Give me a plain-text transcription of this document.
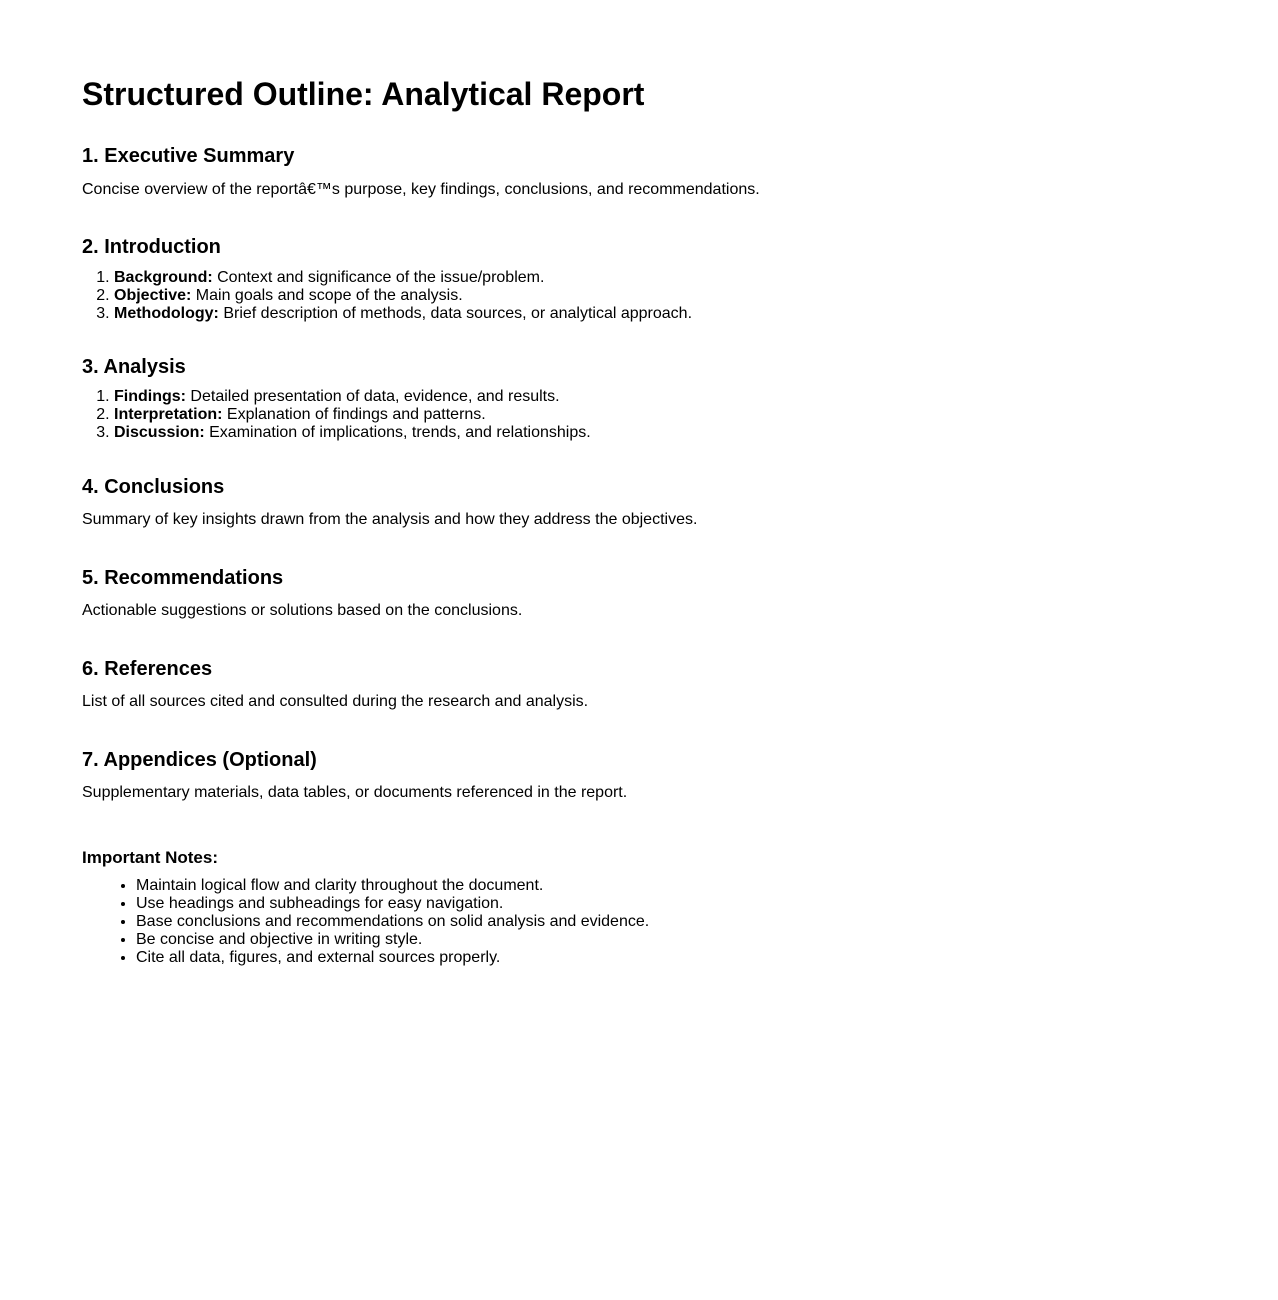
Structured Outline: Analytical Report
1. Executive Summary

Concise overview of the reportâ€™s purpose, key findings, conclusions, and recommendations.

2. Introduction
1. Background: Context and significance of the issue/problem.
2. Objective: Main goals and scope of the analysis.
3. Methodology: Brief description of methods, data sources, or analytical approach.
3. Analysis
1. Findings: Detailed presentation of data, evidence, and results.
2. Interpretation: Explanation of findings and patterns.
3. Discussion: Examination of implications, trends, and relationships.
4. Conclusions

Summary of key insights drawn from the analysis and how they address the objectives.

5. Recommendations

Actionable suggestions or solutions based on the conclusions.

6. References

List of all sources cited and consulted during the research and analysis.

7. Appendices (Optional)

Supplementary materials, data tables, or documents referenced in the report.

Important Notes:
• Maintain logical flow and clarity throughout the document.
• Use headings and subheadings for easy navigation.
• Base conclusions and recommendations on solid analysis and evidence.
• Be concise and objective in writing style.
• Cite all data, figures, and external sources properly.
